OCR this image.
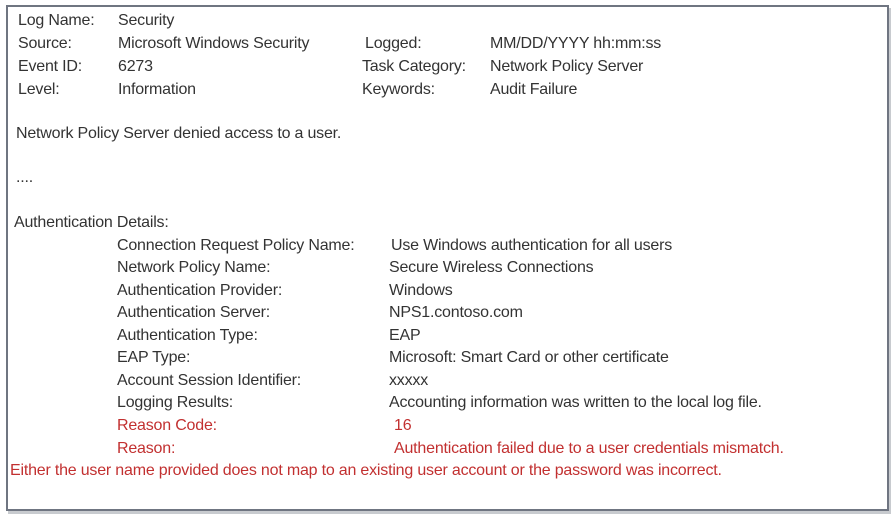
Log Name: Security
Source:	Microsoft Windows Security	Logged:	MM/DD/YYYY hh:mm:ss
Event ID: 6273	Task Category: Network Policy Server
Level:	Information	Keywords:	Audit Failure
Network Policy Server denied access to a user.
....
Authentication Details:
Connection Request Policy Name: Use Windows authentication for all users
Network Policy Name:	Secure Wireless Connections
Authentication Provider:	Windows
Authentication Server:	NPS1.contoso.com
Authentication Type:	EAP
EAP Type:	Microsoft: Smart Card or other certificate
Account Session Identifier:	xxxxx
Logging Results:	Accounting information was written to the local log file.
Reason Code:	16
Reason:	Authentication failed due to a user credentials mismatch.
Either the user name provided does not map to an existing user account or the password was incorrect.
